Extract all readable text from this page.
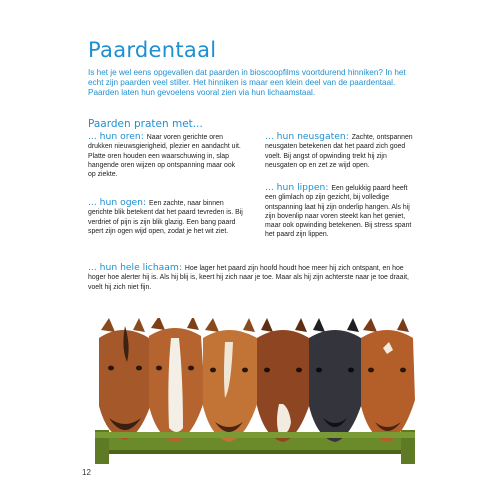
Paardentaal
Is het je wel eens opgevallen dat paarden in bioscoopfilms voortdurend hinniken? In het echt zijn paarden veel stiller. Het hinniken is maar een klein deel van de paardentaal. Paarden laten hun gevoelens vooral zien via hun lichaamstaal.
Paarden praten met...
... hun oren: Naar voren gerichte oren drukken nieuwsgierigheid, plezier en aandacht uit. Platte oren houden een waarschuwing in, slap hangende oren wijzen op ontspanning maar ook op ziekte.
... hun neusgaten: Zachte, ontspannen neusgaten betekenen dat het paard zich goed voelt. Bij angst of opwinding trekt hij zijn neusgaten op en zet ze wijd open.
... hun ogen: Een zachte, naar binnen gerichte blik betekent dat het paard tevreden is. Bij verdriet of pijn is zijn blik glazig. Een bang paard spert zijn ogen wijd open, zodat je het wit ziet.
... hun lippen: Een gelukkig paard heeft een glimlach op zijn gezicht, bij volledige ontspanning laat hij zijn onderlip hangen. Als hij zijn bovenlip naar voren steekt kan het geniet, maar ook opwinding betekenen. Bij stress spant het paard zijn lippen.
... hun hele lichaam: Hoe lager het paard zijn hoofd houdt hoe meer hij zich ontspant, en hoe hoger hoe alerter hij is. Als hij blij is, keert hij zich naar je toe. Maar als hij zijn achterste naar je toe draait, voelt hij zich niet fijn.
12
